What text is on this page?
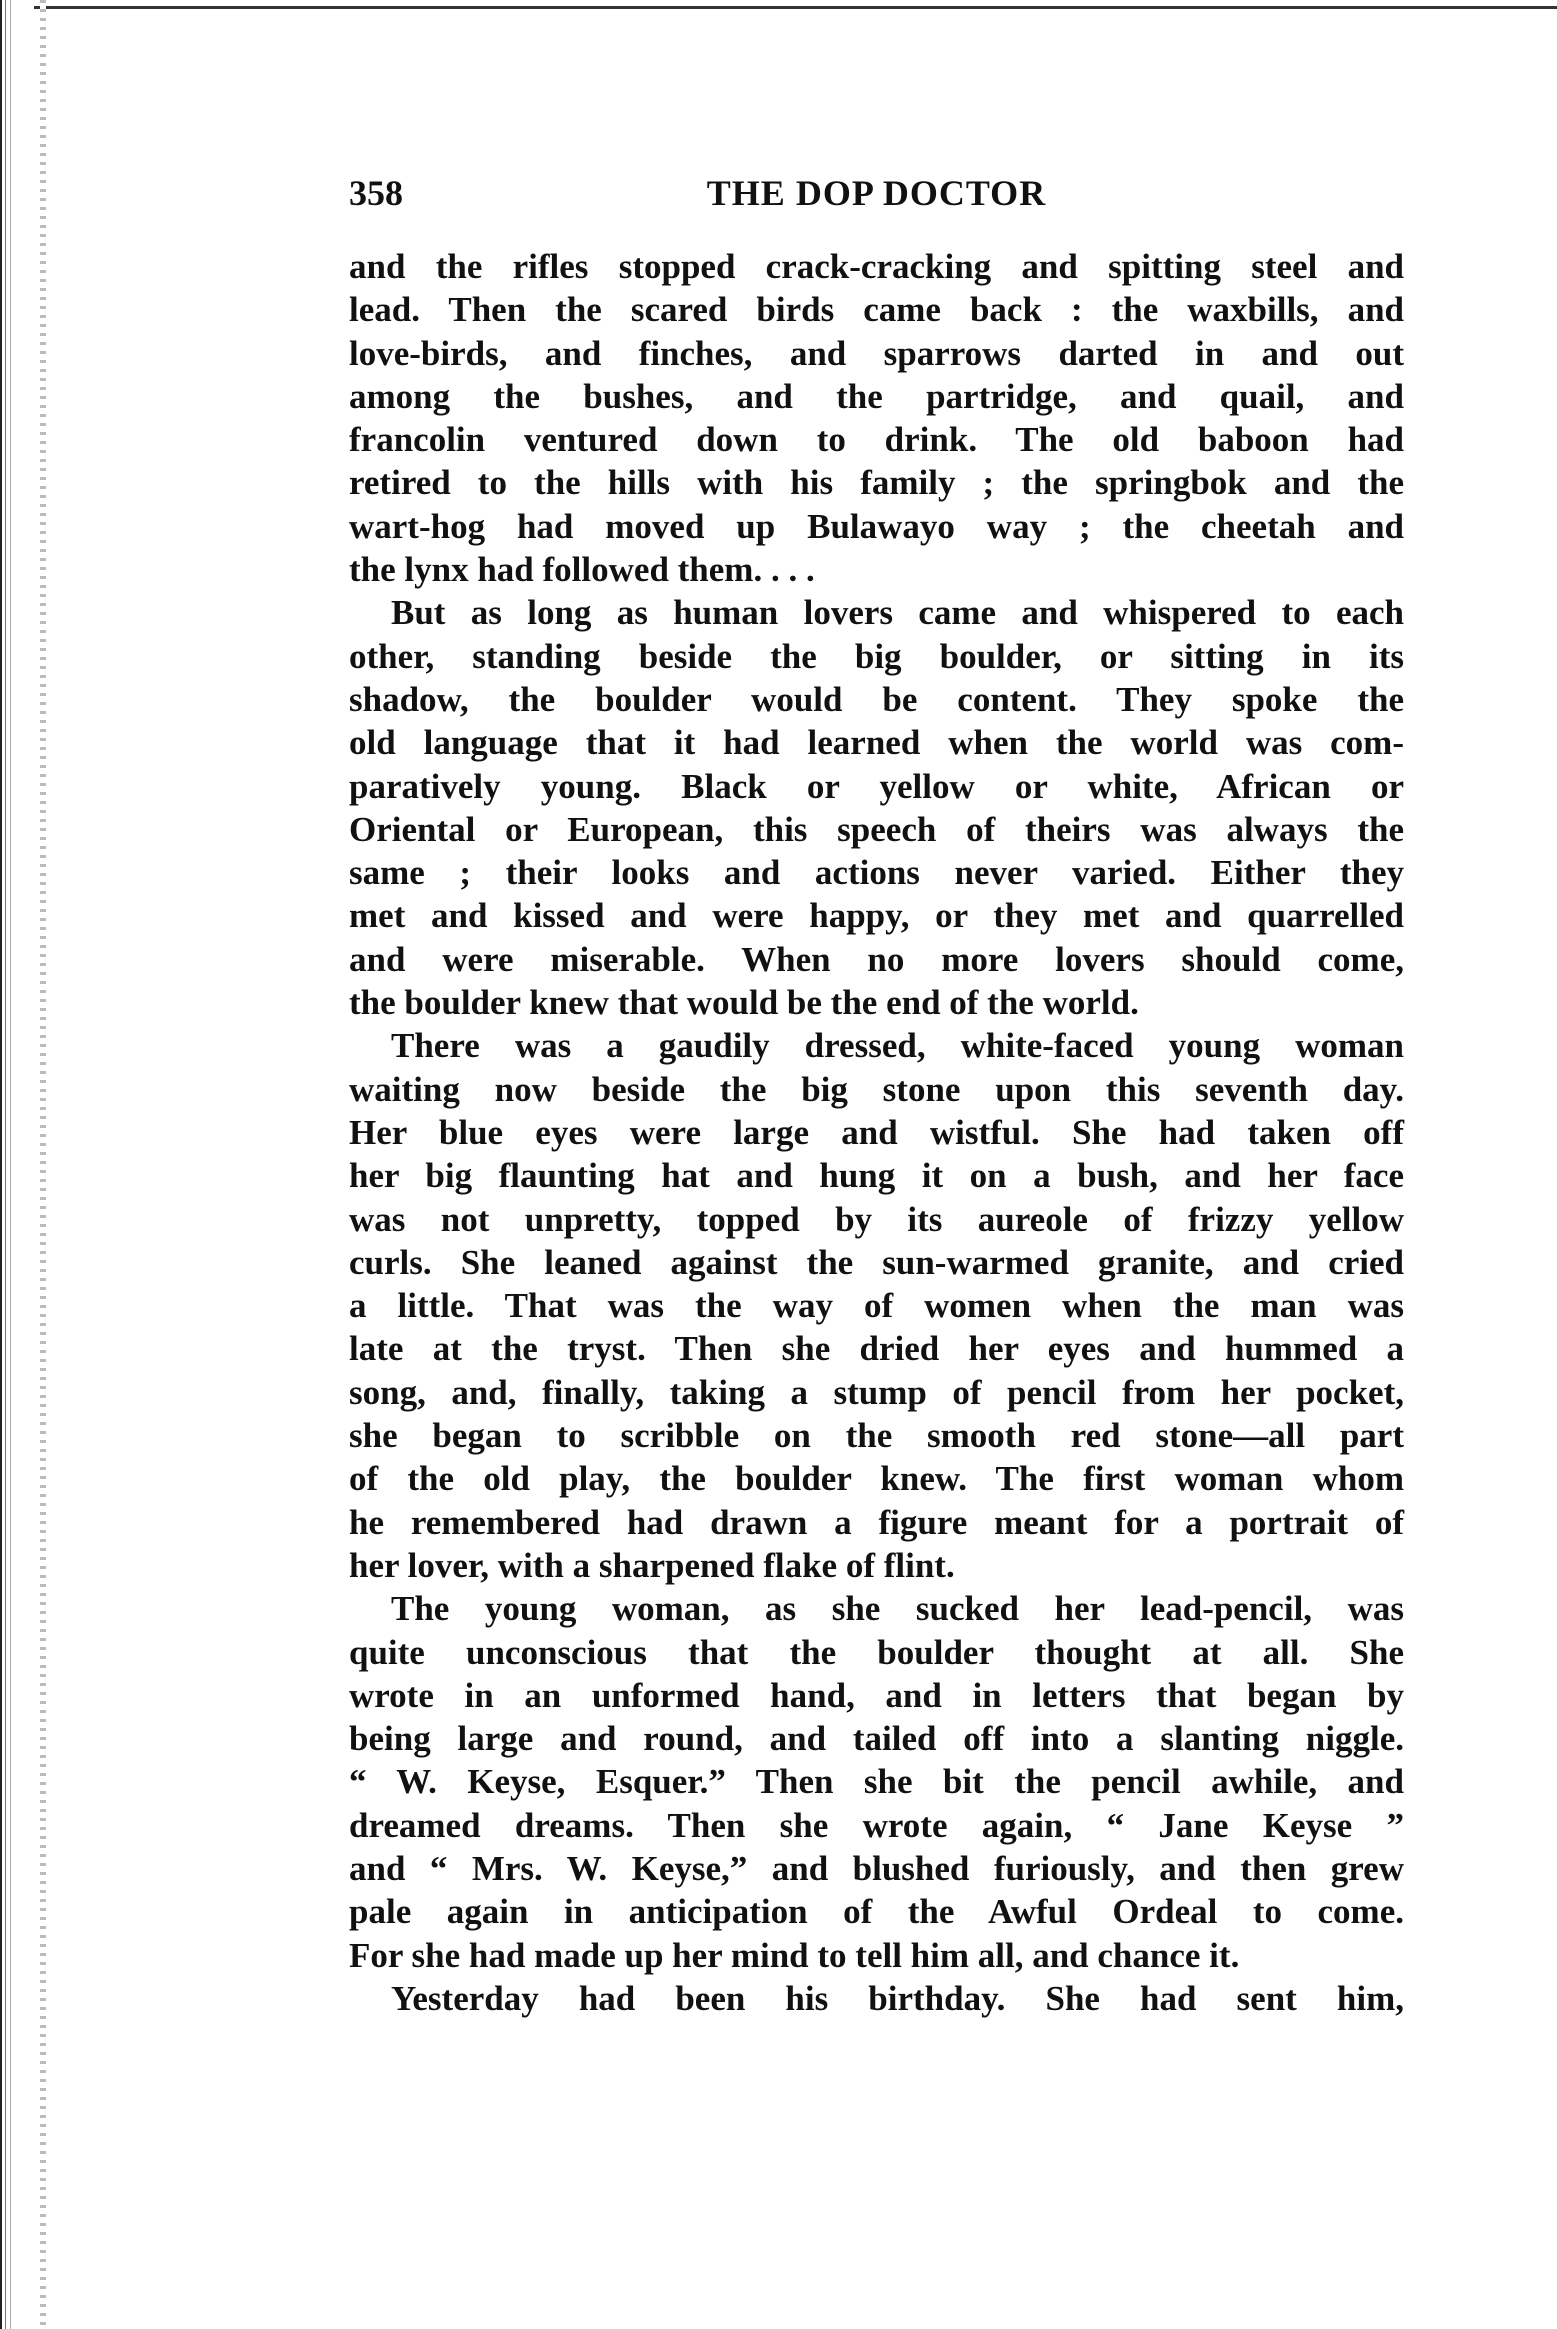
358	THE DOP DOCTOR
and the rifles stopped crack-cracking and spitting steel and
lead. Then the scared birds came back : the waxbills, and
love-birds, and finches, and sparrows darted in and out
among the bushes, and the partridge, and quail, and
francolin ventured down to drink. The old baboon had
retired to the hills with his family ; the springbok and the
wart-hog had moved up Bulawayo way ; the cheetah and
the lynx had followed them. . . .
But as long as human lovers came and whispered to each
other, standing beside the big boulder, or sitting in its
shadow, the boulder would be content. They spoke the
old language that it had learned when the world was com-
paratively young. Black or yellow or white, African or
Oriental or European, this speech of theirs was always the
same ; their looks and actions never varied. Either they
met and kissed and were happy, or they met and quarrelled
and were miserable. When no more lovers should come,
the boulder knew that would be the end of the world.
There was a gaudily dressed, white-faced young woman
waiting now beside the big stone upon this seventh day.
Her blue eyes were large and wistful. She had taken off
her big flaunting hat and hung it on a bush, and her face
was not unpretty, topped by its aureole of frizzy yellow
curls. She leaned against the sun-warmed granite, and cried
a little. That was the way of women when the man was
late at the tryst. Then she dried her eyes and hummed a
song, and, finally, taking a stump of pencil from her pocket,
she began to scribble on the smooth red stone—all part
of the old play, the boulder knew. The first woman whom
he remembered had drawn a figure meant for a portrait of
her lover, with a sharpened flake of flint.
The young woman, as she sucked her lead-pencil, was
quite unconscious that the boulder thought at all. She
wrote in an unformed hand, and in letters that began by
being large and round, and tailed off into a slanting niggle.
“ W. Keyse, Esquer.” Then she bit the pencil awhile, and
dreamed dreams. Then she wrote again, “ Jane Keyse ”
and “ Mrs. W. Keyse,” and blushed furiously, and then grew
pale again in anticipation of the Awful Ordeal to come.
For she had made up her mind to tell him all, and chance it.
Yesterday had been his birthday. She had sent him,
